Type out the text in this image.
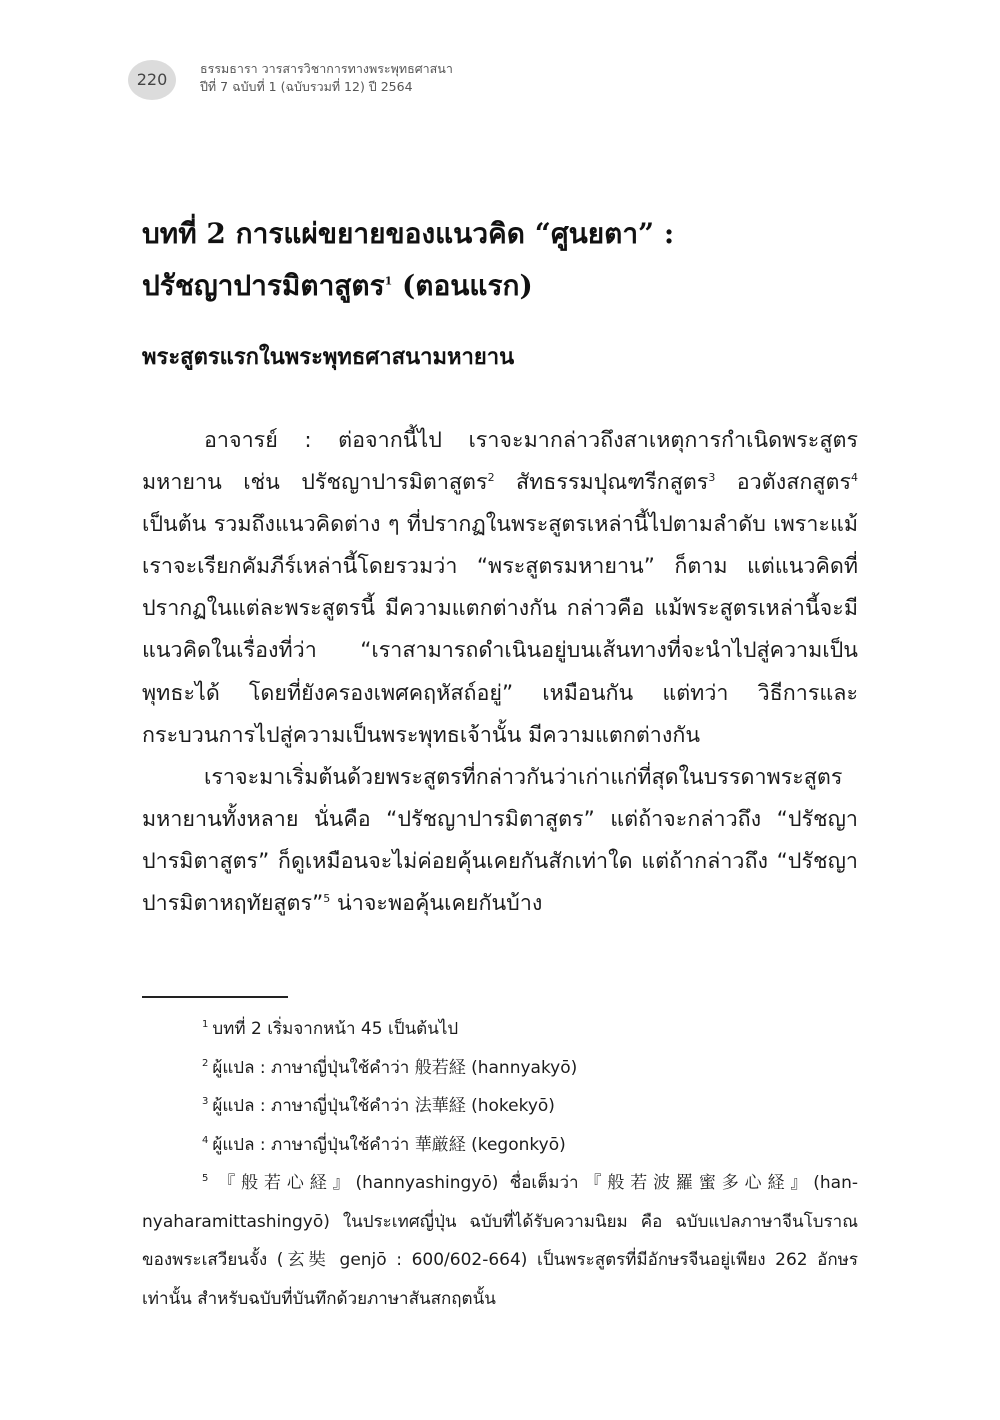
220
ธรรมธารา วารสารวิชาการทางพระพุทธศาสนา
ปีที่ 7 ฉบับที่ 1 (ฉบับรวมที่ 12) ปี 2564
บทที่ 2 การแผ่ขยายของแนวคิด “ศูนยตา” :
ปรัชญาปารมิตาสูตร$^1$ (ตอนแรก)
พระสูตรแรกในพระพุทธศาสนามหายาน

อาจารย์ : ต่อจากนี้ไป เราจะมากล่าวถึงสาเหตุการกำเนิดพระสูตรมหายาน เช่น ปรัชญาปารมิตาสูตร$^2$ สัทธรรมปุณฑรีกสูตร$^3$ อวตังสกสูตร$^4$ เป็นต้น รวมถึงแนวคิดต่าง ๆ ที่ปรากฏในพระสูตรเหล่านี้ไปตามลำดับ เพราะแม้เราจะเรียกคัมภีร์เหล่านี้โดยรวมว่า “พระสูตรมหายาน” ก็ตาม แต่แนวคิดที่ปรากฏในแต่ละพระสูตรนี้ มีความแตกต่างกัน กล่าวคือ แม้พระสูตรเหล่านี้จะมีแนวคิดในเรื่องที่ว่า “เราสามารถดำเนินอยู่บนเส้นทางที่จะนำไปสู่ความเป็นพุทธะได้ โดยที่ยังครองเพศคฤหัสถ์อยู่” เหมือนกัน แต่ทว่า วิธีการและกระบวนการไปสู่ความเป็นพระพุทธเจ้านั้น มีความแตกต่างกัน

เราจะมาเริ่มต้นด้วยพระสูตรที่กล่าวกันว่าเก่าแก่ที่สุดในบรรดาพระสูตรมหายานทั้งหลาย นั่นคือ “ปรัชญาปารมิตาสูตร” แต่ถ้าจะกล่าวถึง “ปรัชญาปารมิตาสูตร” ก็ดูเหมือนจะไม่ค่อยคุ้นเคยกันสักเท่าใด แต่ถ้ากล่าวถึง “ปรัชญาปารมิตาหฤทัยสูตร”$^5$ น่าจะพอคุ้นเคยกันบ้าง

$^1$ บทที่ 2 เริ่มจากหน้า 45 เป็นต้นไป

$^2$ ผู้แปล : ภาษาญี่ปุ่นใช้คำว่า 般若経 (hannyakyō)

$^3$ ผู้แปล : ภาษาญี่ปุ่นใช้คำว่า 法華経 (hokekyō)

$^4$ ผู้แปล : ภาษาญี่ปุ่นใช้คำว่า 華厳経 (kegonkyō)

$^5$ 『般若心経』(hannyashingyō) ชื่อเต็มว่า『般若波羅蜜多心経』(han-nyaharamittashingyō) ในประเทศญี่ปุ่น ฉบับที่ได้รับความนิยม คือ ฉบับแปลภาษาจีนโบราณของพระเสวียนจั้ง (玄奘 genjō : 600/602-664) เป็นพระสูตรที่มีอักษรจีนอยู่เพียง 262 อักษรเท่านั้น สำหรับฉบับที่บันทึกด้วยภาษาสันสกฤตนั้น
